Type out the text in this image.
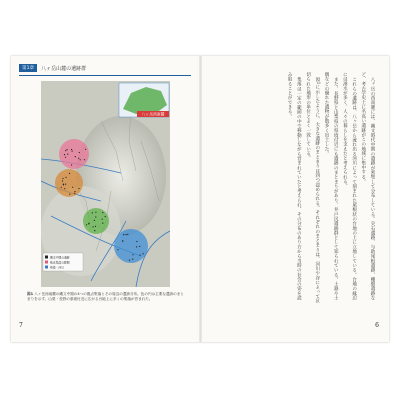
第1章	八ヶ岳山麓の遺跡群
八ヶ岳西南麓
縄文中期の遺跡
拠点集落の範囲
県境・河川
図1 八ヶ岳西南麓の縄文中期の4つの拠点集落とその周辺の遺跡分布。色の円は主要な遺跡のまとまりを示す。山梨・長野の県境付近に広がる台地上に多くの集落が営まれた。
7

八ヶ岳の西南麓には、縄文時代中期の遺跡が密集して分布している。尖石遺跡、与助尾根遺跡、棚畑遺跡など、考古学史上に名高い遺跡がこの地域に集中する。

これらの遺跡は、八ヶ岳から流れ出る河川によって刻まれた尾根状の台地の上に立地している。台地の縁辺には湧水が多く、人々の暮らしを支えたと考えられる。

また、長野県と山梨県の県境付近にも遺跡のまとまりがあり、井戸尻遺跡群として知られている。土器や土偶などの優れた遺物が数多く出土した。

図1に示したように、大きな遺跡のまとまりは四つ認められる。それぞれのまとまりは、河川や谷によって区切られた地形の単位とよく一致している。

集落は一定の範囲の中で移動しながら営まれていたと考えられ、その分布のあり方から当時の社会の姿を読み取ることができる。

6
